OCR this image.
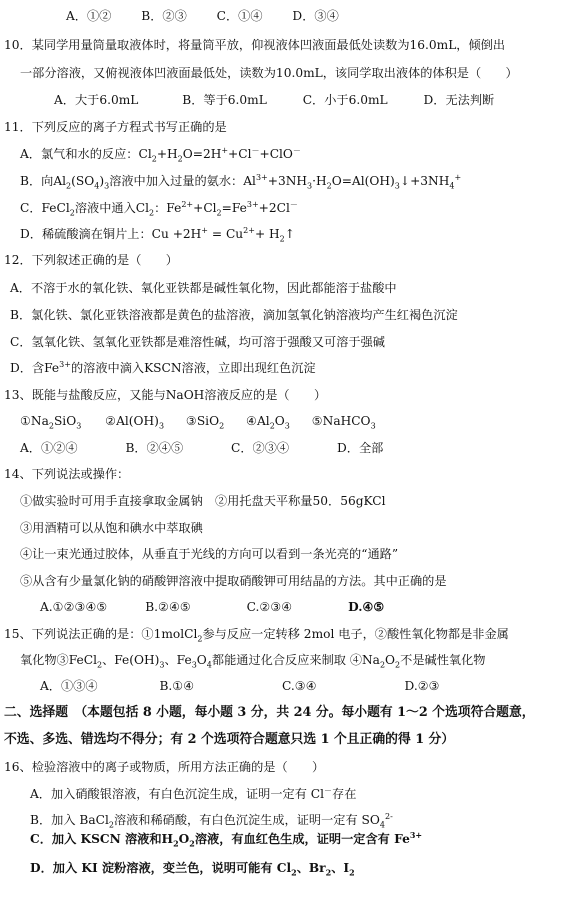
A．①② B．②③ C．①④ D．③④
10．某同学用量筒量取液体时，将量筒平放，仰视液体凹液面最低处读数为16.0mL，倾倒出
一部分溶液，又俯视液体凹液面最低处，读数为10.0mL，该同学取出液体的体积是（　　）
A．大于6.0mL	B．等于6.0mL	C．小于6.0mL	D．无法判断
11．下列反应的离子方程式书写正确的是
A．氯气和水的反应：$Cl_2+H_2O=2H^++Cl^-+ClO^-$
B．向$Al_2(SO_4)_3$溶液中加入过量的氨水：$Al^{3+}+3NH_3\cdot H_2O=Al(OH)_3↓+3NH_4^+$
C．FeCl$_2$溶液中通入$Cl_2$：$Fe^{2+}+Cl_2=Fe^{3+}+2Cl^-$
D．稀硫酸滴在铜片上：$Cu +2H^+ = Cu^{2+}+$ $H_2↑$
12．下列叙述正确的是（　　）
A．不溶于水的氧化铁、氧化亚铁都是碱性氧化物，因此都能溶于盐酸中
B．氯化铁、氯化亚铁溶液都是黄色的盐溶液，滴加氢氧化钠溶液均产生红褐色沉淀
C．氢氧化铁、氢氧化亚铁都是难溶性碱，均可溶于强酸又可溶于强碱
D．含$Fe^{3+}$的溶液中滴入KSCN溶液，立即出现红色沉淀
13、既能与盐酸反应，又能与NaOH溶液反应的是（　　）
$①Na_2SiO_3$ $②Al(OH)_3$ ③SiO$_2$ $④Al_2O_3$ ⑤NaHCO$_3$
A．①②④	B．②④⑤	C．②③④	D．全部
14、下列说法或操作：
①做实验时可用手直接拿取金属钠　②用托盘天平称量50．56gKCl
③用酒精可以从饱和碘水中萃取碘
④让一束光通过胶体，从垂直于光线的方向可以看到一条光亮的“通路”
⑤从含有少量氯化钠的硝酸钾溶液中提取硝酸钾可用结晶的方法。其中正确的是
A.①②③④⑤	B.②④⑤	C.②③④	D.④⑤
15、下列说法正确的是：①1molCl$_2$参与反应一定转移 2mol 电子，②酸性氧化物都是非金属
氧化物③FeCl$_2$、$Fe(OH)_3$、$Fe_3O_4$都能通过化合反应来制取 $④Na_2O_2$不是碱性氧化物
A．①③④	B.①④	C.③④	D.②③
二、选择题　（本题包括 8 小题，每小题 3 分，共 24 分。每小题有 1～2 个选项符合题意，
不选、多选、错选均不得分；有 2 个选项符合题意只选 1 个且正确的得 1 分）
16、检验溶液中的离子或物质，所用方法正确的是（　　）
A．加入硝酸银溶液，有白色沉淀生成，证明一定有 Cl－存在
B．加入 BaCl$_2$溶液和稀硝酸，有白色沉淀生成，证明一定有 $SO_4^{2-}$
C．加入 KSCN 溶液和$H_2O_2$溶液，有血红色生成，证明一定含有 $Fe^{3+}$
D．加入 KI 淀粉溶液，变兰色，说明可能有 $Cl_2$、$Br_2$、$I_2$
